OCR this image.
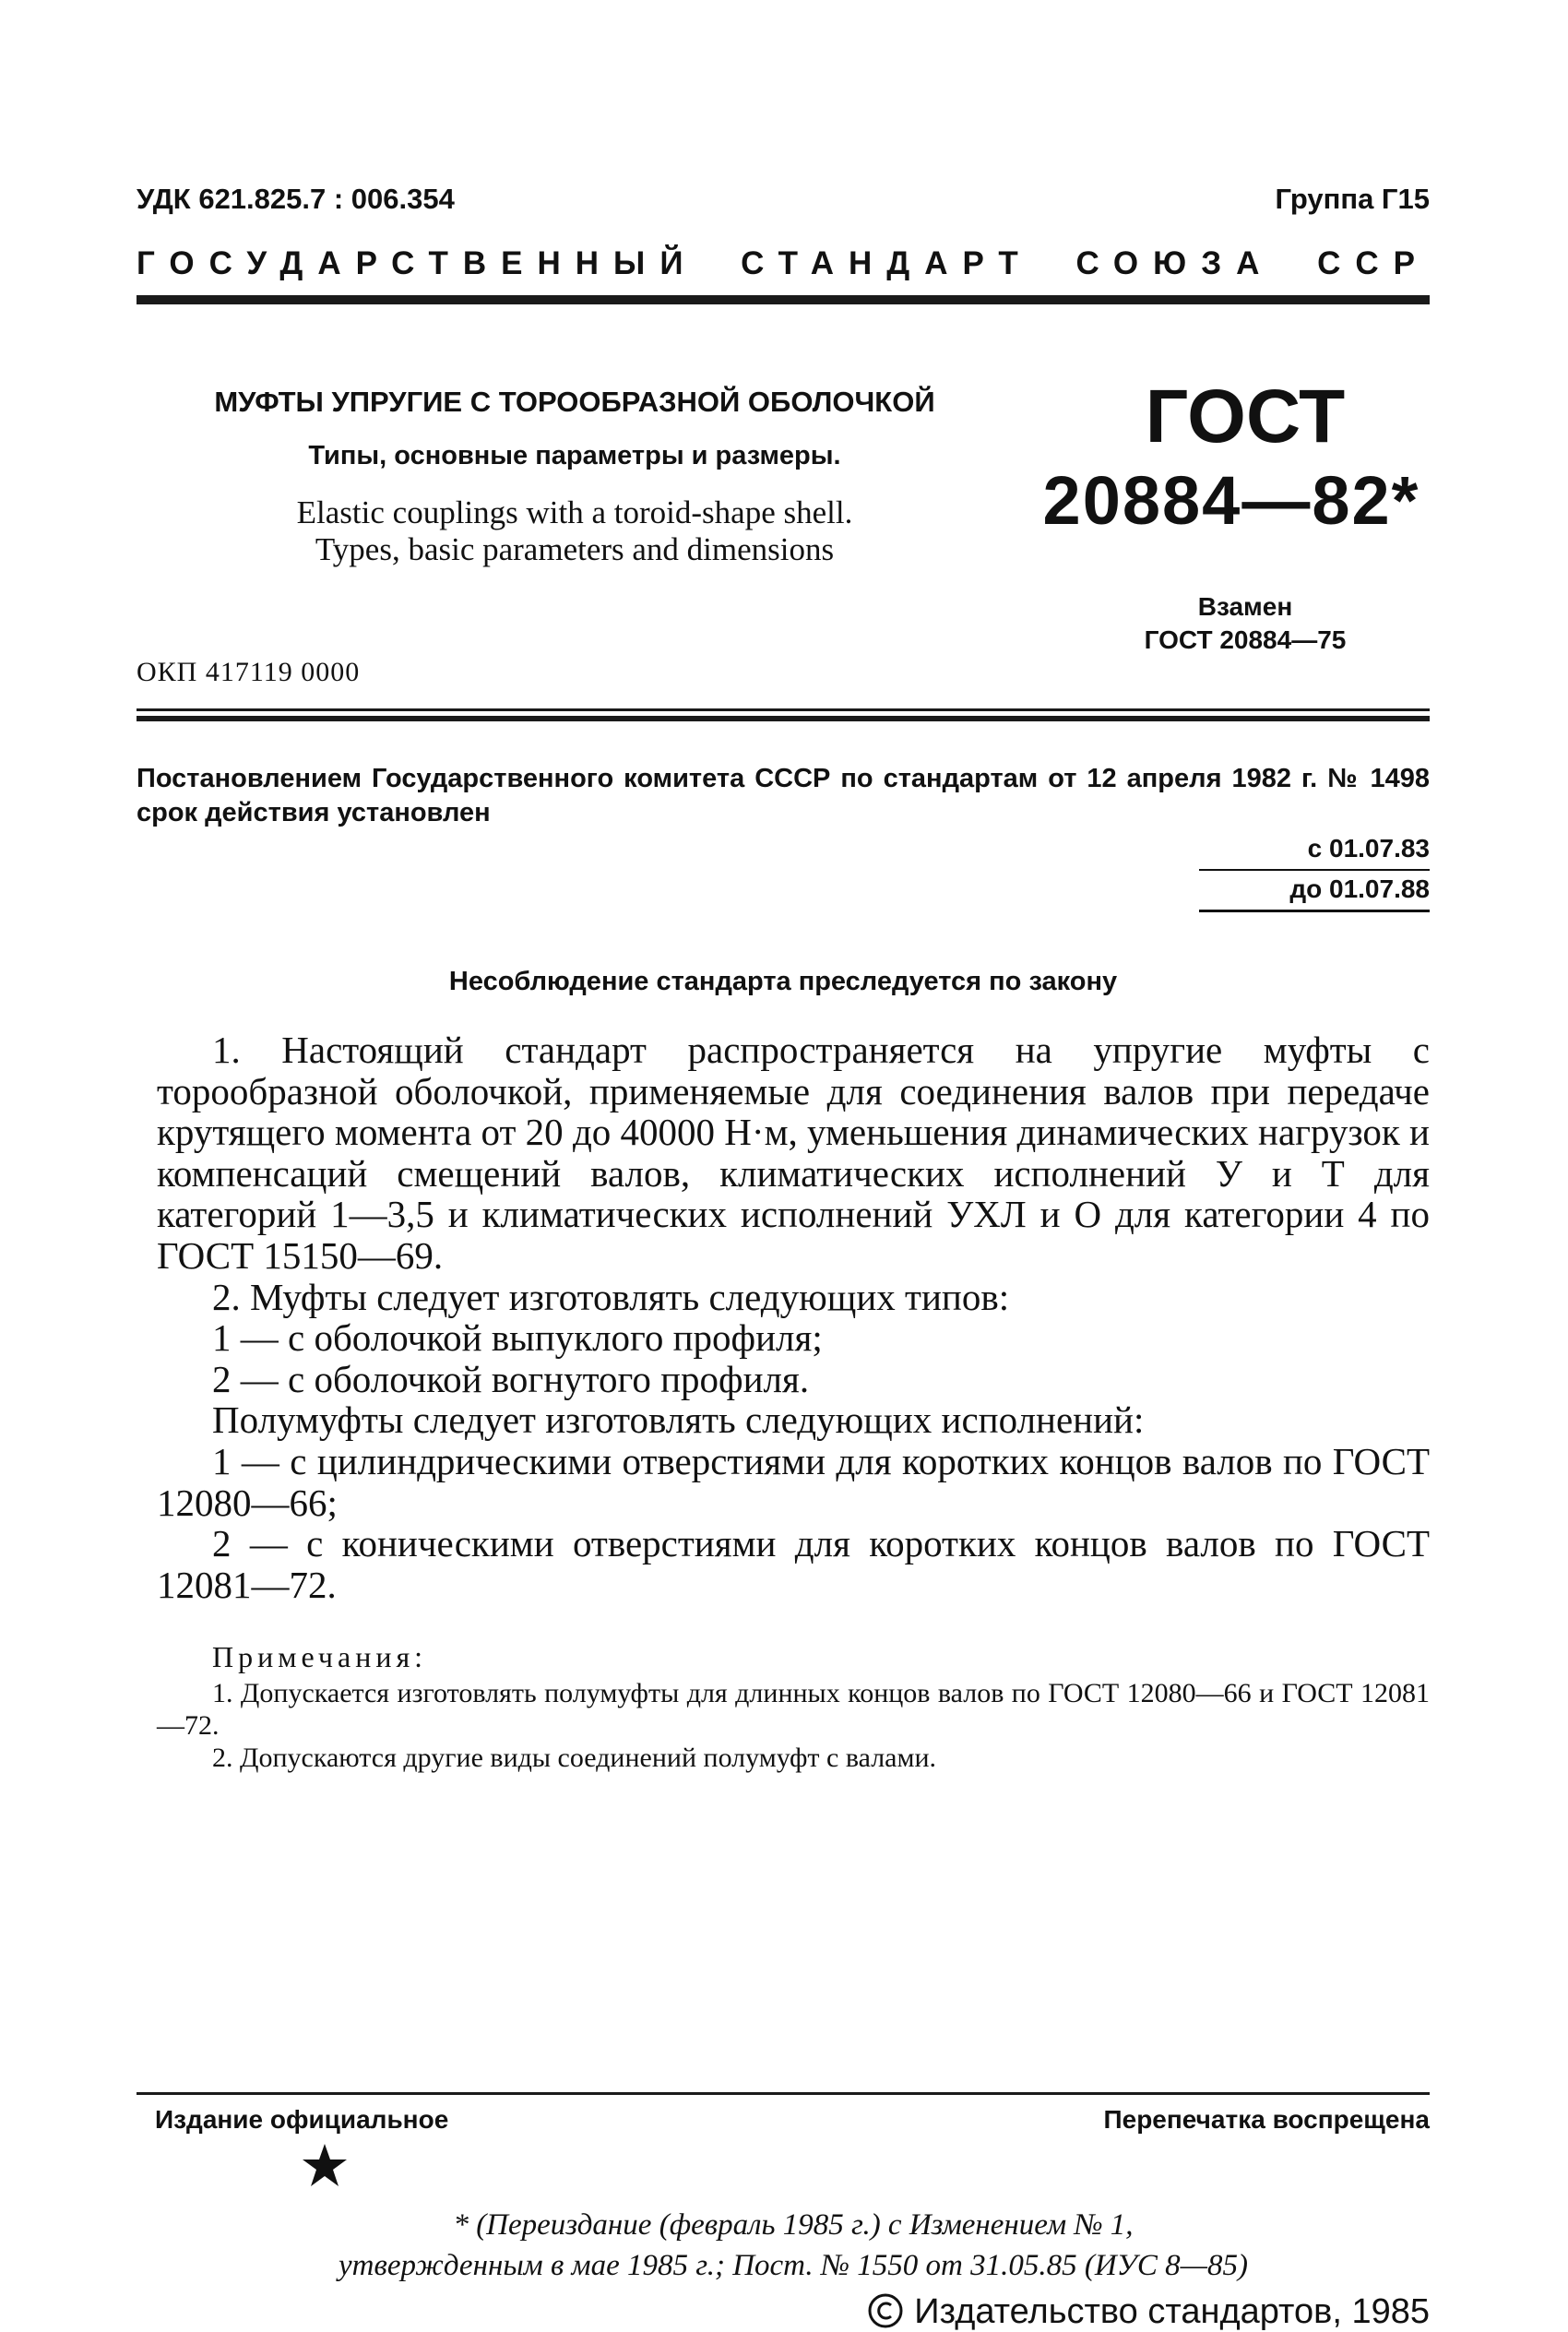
УДК 621.825.7 : 006.354	Группа Г15
ГОСУДАРСТВЕННЫЙ СТАНДАРТ СОЮЗА ССР
МУФТЫ УПРУГИЕ С ТОРООБРАЗНОЙ ОБОЛОЧКОЙ
Типы, основные параметры и размеры.
Elastic couplings with a toroid-shape shell.
Types, basic parameters and dimensions
ГОСТ
20884—82*
Взамен
ГОСТ 20884—75
ОКП 417119 0000
Постановлением Государственного комитета СССР по стандартам от 12 апреля 1982 г. № 1498 срок действия установлен
с 01.07.83
до 01.07.88
Несоблюдение стандарта преследуется по закону

1. Настоящий стандарт распространяется на упругие муфты с торообразной оболочкой, применяемые для соединения валов при передаче крутящего момента от 20 до 40000 Н·м, уменьшения динамических нагрузок и компенсаций смещений валов, климатических исполнений У и Т для категорий 1—3,5 и климатических исполнений УХЛ и О для категории 4 по ГОСТ 15150—69.

2. Муфты следует изготовлять следующих типов:

1 — с оболочкой выпуклого профиля;

2 — с оболочкой вогнутого профиля.

Полумуфты следует изготовлять следующих исполнений:

1 — с цилиндрическими отверстиями для коротких концов валов по ГОСТ 12080—66;

2 — с коническими отверстиями для коротких концов валов по ГОСТ 12081—72.

Примечания:

1. Допускается изготовлять полумуфты для длинных концов валов по ГОСТ 12080—66 и ГОСТ 12081—72.

2. Допускаются другие виды соединений полумуфт с валами.

Издание официальное	Перепечатка воспрещена
* (Переиздание (февраль 1985 г.) с Изменением № 1,
утвержденным в мае 1985 г.; Пост. № 1550 от 31.05.85 (ИУС 8—85)
Издательство стандартов, 1985
